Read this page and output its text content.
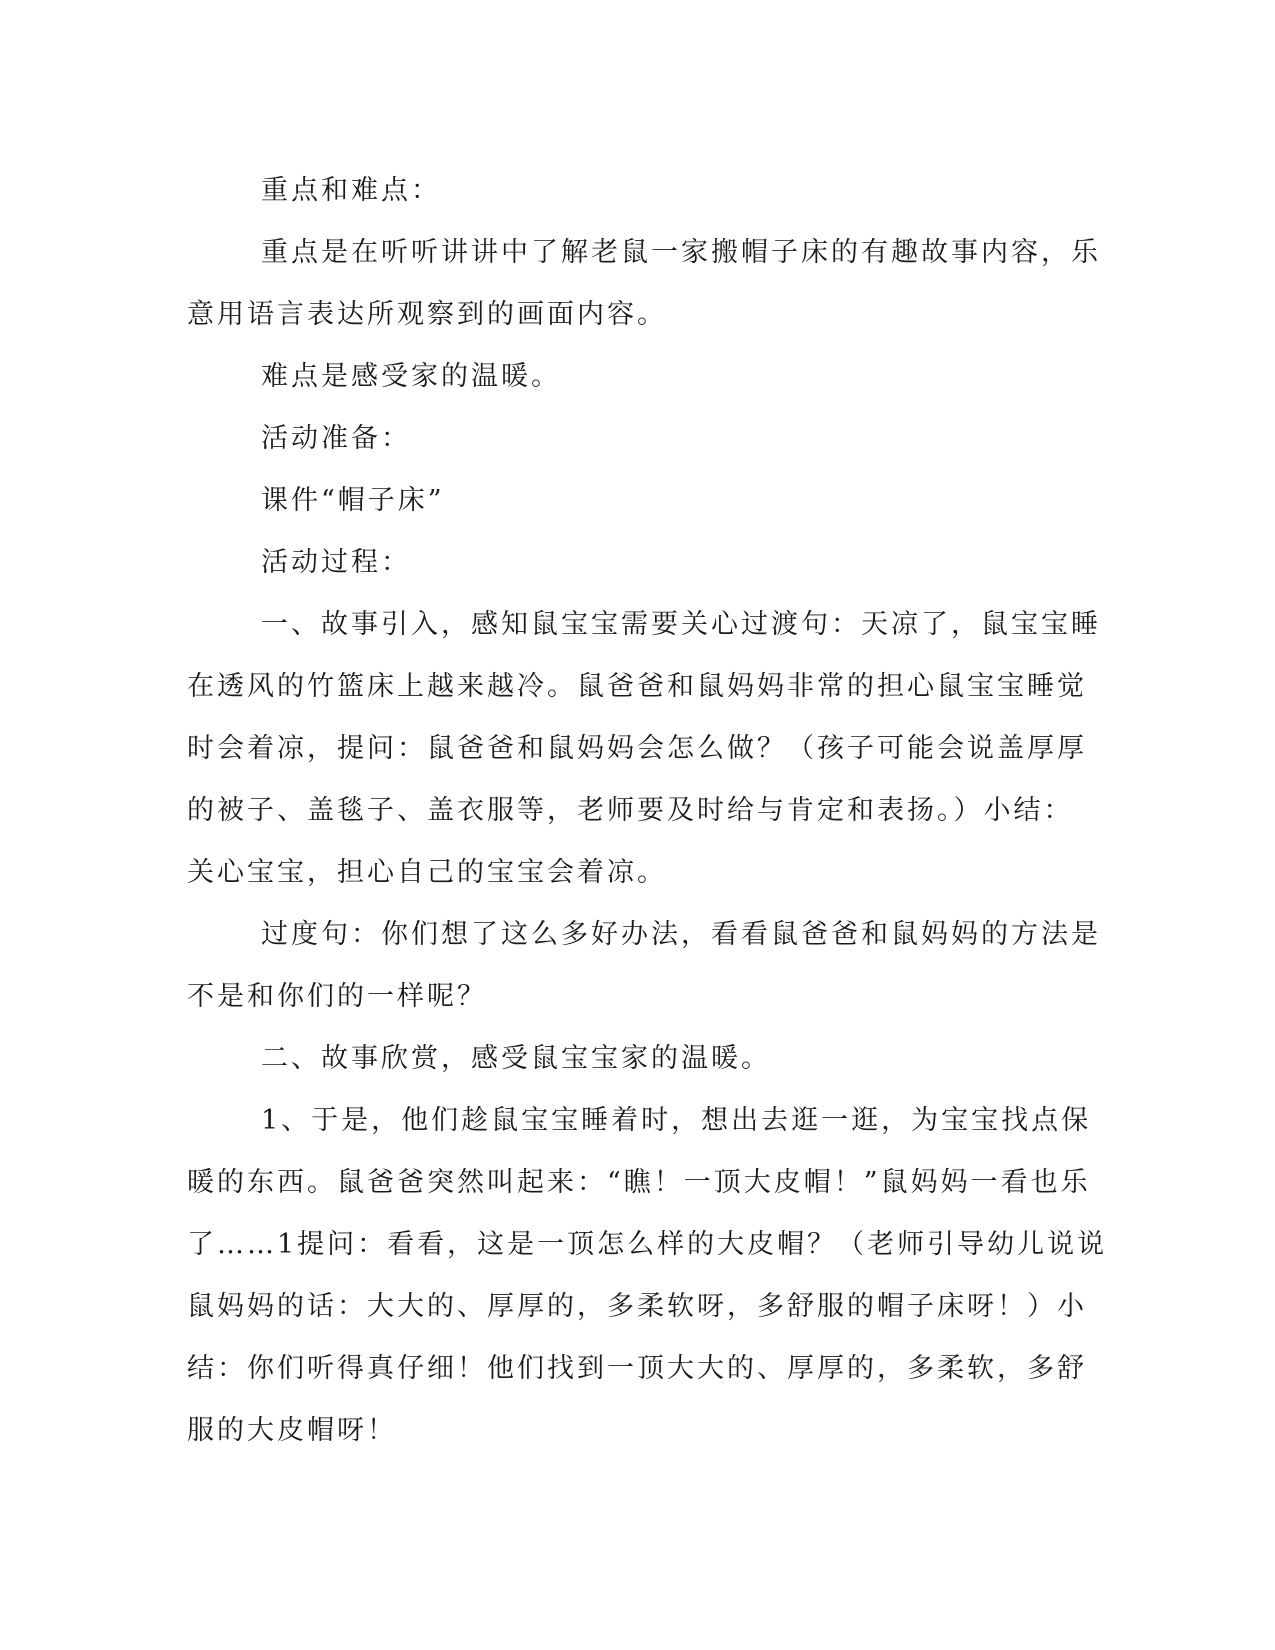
重点和难点：
重点是在听听讲讲中了解老鼠一家搬帽子床的有趣故事内容，乐
意用语言表达所观察到的画面内容。
难点是感受家的温暖。
活动准备：
课件“帽子床”
活动过程：
一、故事引入，感知鼠宝宝需要关心过渡句：天凉了，鼠宝宝睡
在透风的竹篮床上越来越冷。鼠爸爸和鼠妈妈非常的担心鼠宝宝睡觉
时会着凉，提问：鼠爸爸和鼠妈妈会怎么做？（孩子可能会说盖厚厚
的被子、盖毯子、盖衣服等，老师要及时给与肯定和表扬。）小结：
关心宝宝，担心自己的宝宝会着凉。
过度句：你们想了这么多好办法，看看鼠爸爸和鼠妈妈的方法是
不是和你们的一样呢？
二、故事欣赏，感受鼠宝宝家的温暖。
1、于是，他们趁鼠宝宝睡着时，想出去逛一逛，为宝宝找点保
暖的东西。鼠爸爸突然叫起来：“瞧！一顶大皮帽！”鼠妈妈一看也乐
了……1提问：看看，这是一顶怎么样的大皮帽？（老师引导幼儿说说
鼠妈妈的话：大大的、厚厚的，多柔软呀，多舒服的帽子床呀！）小
结：你们听得真仔细！他们找到一顶大大的、厚厚的，多柔软，多舒
服的大皮帽呀！
